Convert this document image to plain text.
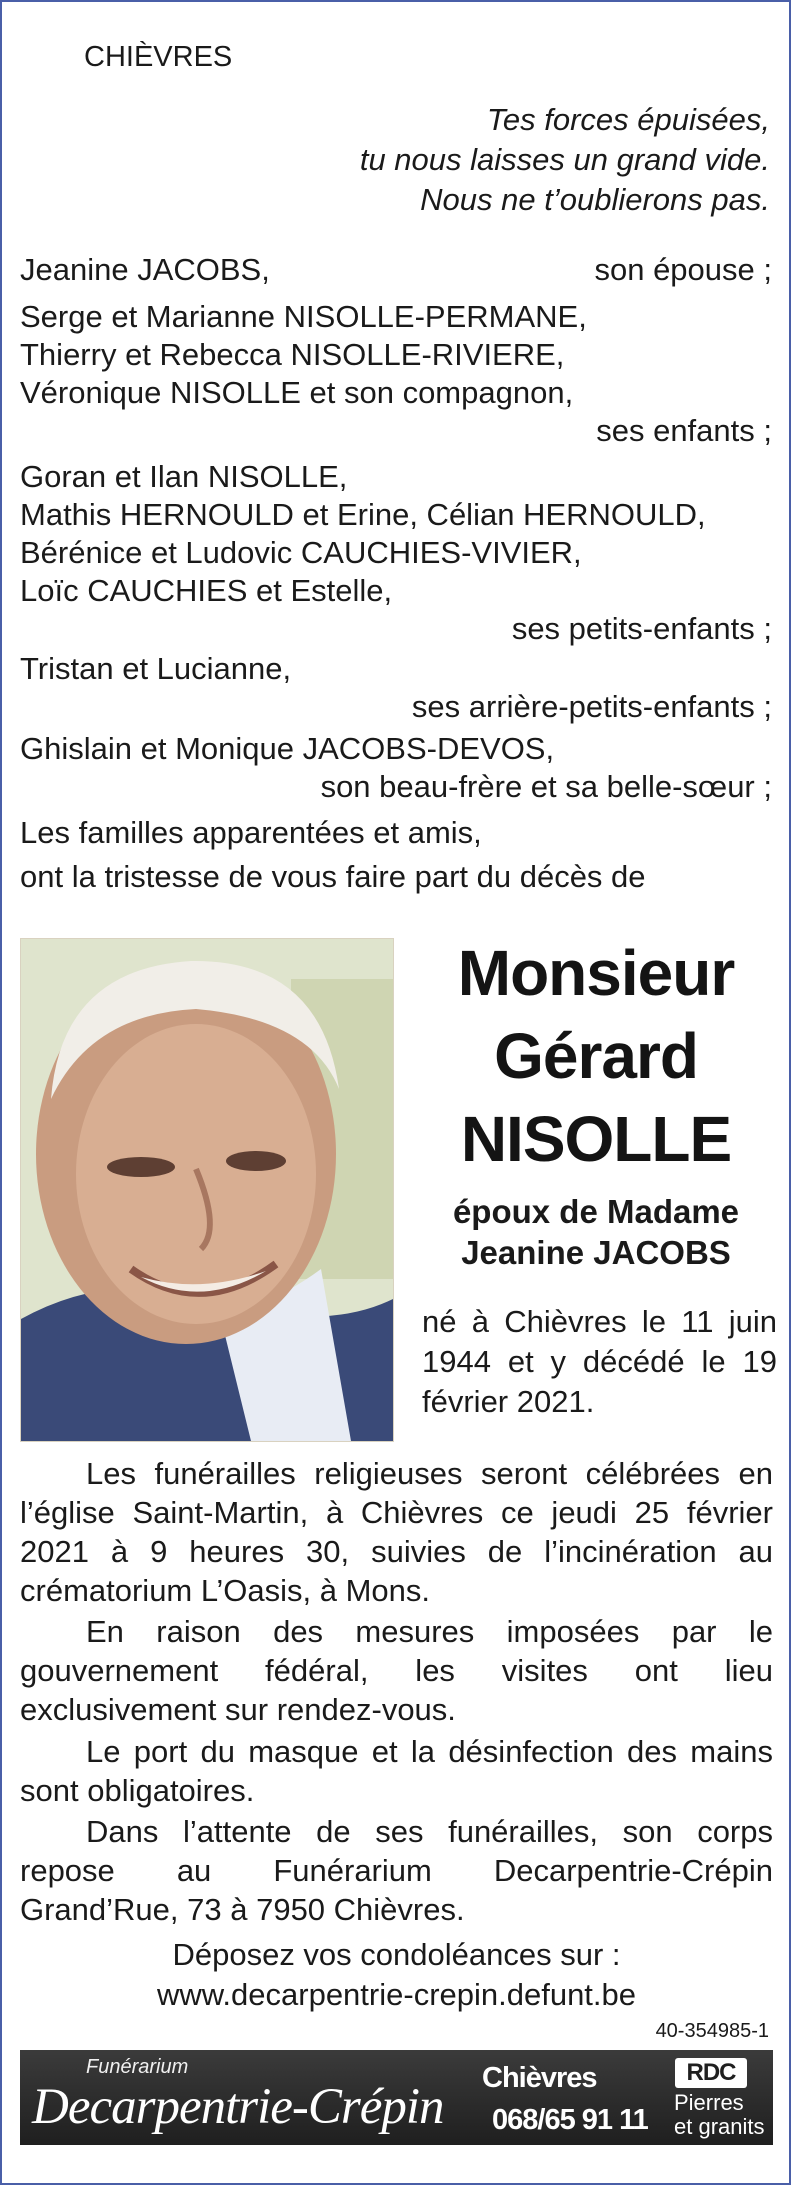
CHIÈVRES
Tes forces épuisées,
tu nous laisses un grand vide.
Nous ne t’oublierons pas.
Jeanine JACOBS,	son épouse ;
Serge et Marianne NISOLLE-PERMANE,
Thierry et Rebecca NISOLLE-RIVIERE,
Véronique NISOLLE et son compagnon,
ses enfants ;
Goran et Ilan NISOLLE,
Mathis HERNOULD et Erine, Célian HERNOULD,
Bérénice et Ludovic CAUCHIES-VIVIER,
Loïc CAUCHIES et Estelle,
ses petits-enfants ;
Tristan et Lucianne,
ses arrière-petits-enfants ;
Ghislain et Monique JACOBS-DEVOS,
son beau-frère et sa belle-sœur ;
Les familles apparentées et amis,
ont la tristesse de vous faire part du décès de
Monsieur
Gérard
NISOLLE
époux de Madame
Jeanine JACOBS
né à Chièvres le 11 juin 1944 et y décédé le 19 février 2021.
Les funérailles religieuses seront célébrées en l’église Saint-Martin, à Chièvres ce jeudi 25 février 2021 à 9 heures 30, suivies de l’incinération au crématorium L’Oasis, à Mons.
En raison des mesures imposées par le gouvernement fédéral, les visites ont lieu exclusivement sur rendez-vous.
Le port du masque et la désinfection des mains sont obligatoires.
Dans l’attente de ses funérailles, son corps repose au Funérarium Decarpentrie-Crépin Grand’Rue, 73 à 7950 Chièvres.
Déposez vos condoléances sur :
www.decarpentrie-crepin.defunt.be
40-354985-1
Funérarium
Decarpentrie-Crépin
Chièvres
068/65 91 11
RDC
Pierres
et granits
